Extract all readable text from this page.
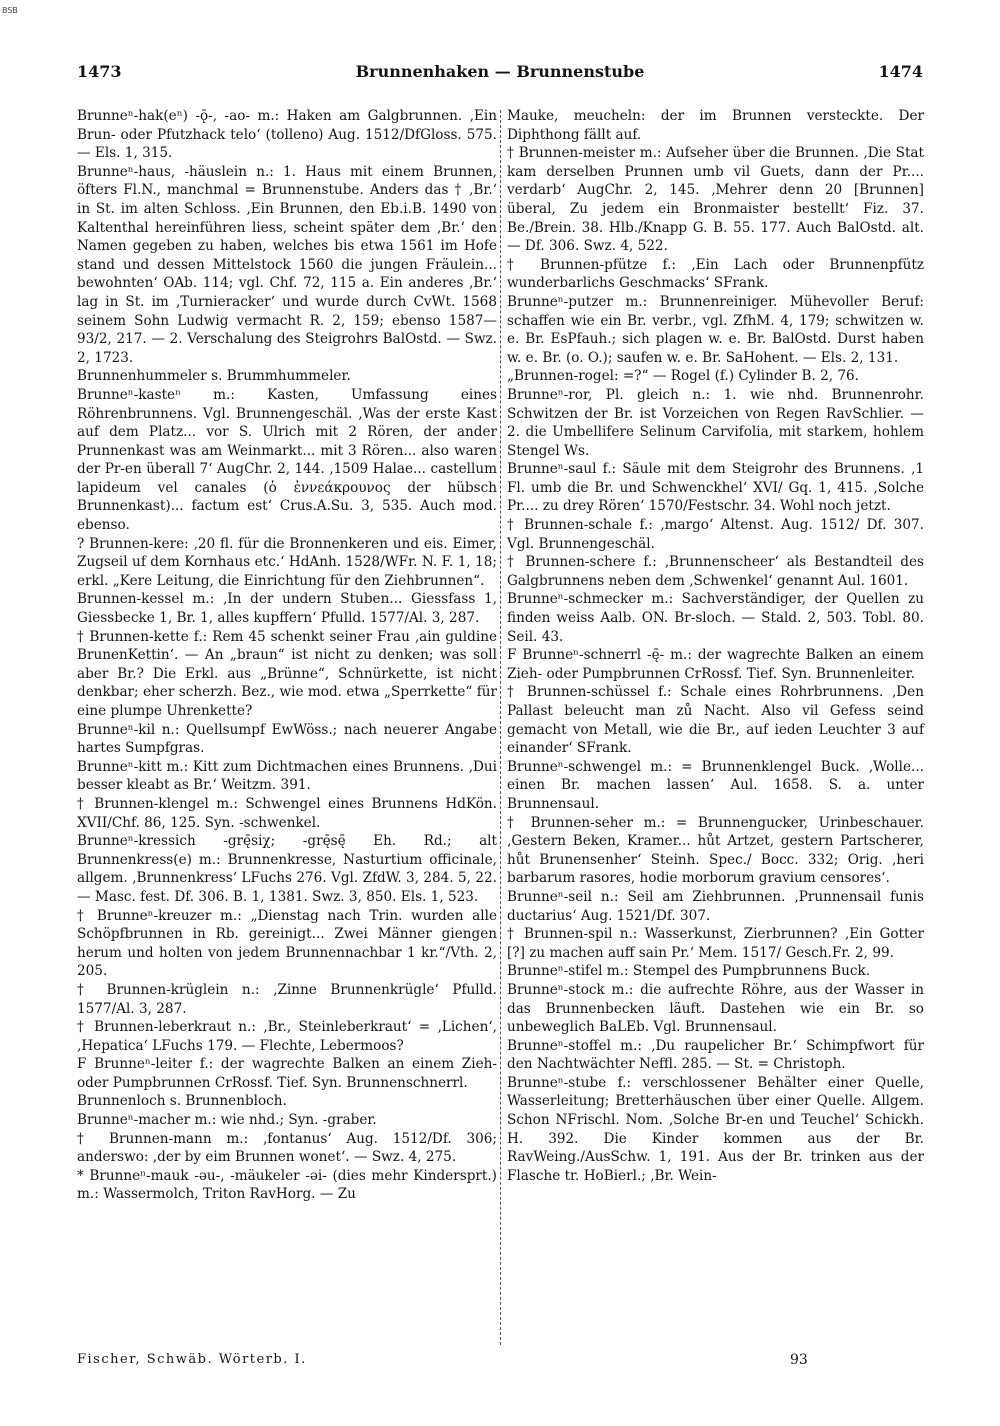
BSB
1473	Brunnenhaken — Brunnenstube	1474

Brunneⁿ-hak(eⁿ) -ǭ-, -ao- m.: Haken am Galgbrunnen. ‚Ein Brun- oder Pfutzhack telo‘ (tolleno) Aug. 1512/DfGloss. 575. — Els. 1, 315.

Brunneⁿ-haus, -häuslein n.: 1. Haus mit einem Brunnen, öfters Fl.N., manchmal = Brunnenstube. Anders das † ‚Br.‘ in St. im alten Schloss. ‚Ein Brunnen, den Eb.i.B. 1490 von Kaltenthal hereinführen liess, scheint später dem ‚Br.‘ den Namen gegeben zu haben, welches bis etwa 1561 im Hofe stand und dessen Mittelstock 1560 die jungen Fräulein... bewohnten‘ OAb. 114; vgl. Chf. 72, 115 a. Ein anderes ‚Br.‘ lag in St. im ‚Turnieracker‘ und wurde durch CvWt. 1568 seinem Sohn Ludwig vermacht R. 2, 159; ebenso 1587—93/2, 217. — 2. Verschalung des Steigrohrs BalOstd. — Swz. 2, 1723.

Brunnenhummeler s. Brummhummeler.

Brunneⁿ-kasteⁿ m.: Kasten, Umfassung eines Röhrenbrunnens. Vgl. Brunnengeschäl. ‚Was der erste Kast auf dem Platz... vor S. Ulrich mit 2 Rören, der ander Prunnenkast was am Weinmarkt... mit 3 Rören... also waren der Pr-en überall 7‘ AugChr. 2, 144. ‚1509 Halae... castellum lapideum vel canales (ὁ ἐννεάκρουνος der hübsch Brunnenkast)... factum est‘ Crus.A.Su. 3, 535. Auch mod. ebenso.

? Brunnen-kere: ‚20 fl. für die Bronnenkeren und eis. Eimer, Zugseil uf dem Kornhaus etc.‘ HdAnh. 1528/WFr. N. F. 1, 18; erkl. „Kere Leitung, die Einrichtung für den Ziehbrunnen“.

Brunnen-kessel m.: ‚In der undern Stuben... Giessfass 1, Giessbecke 1, Br. 1, alles kupffern‘ Pfulld. 1577/Al. 3, 287.

† Brunnen-kette f.: Rem 45 schenkt seiner Frau ‚ain guldine BrunenKettin‘. — An „braun“ ist nicht zu denken; was soll aber Br.? Die Erkl. aus „Brünne“, Schnürkette, ist nicht denkbar; eher scherzh. Bez., wie mod. etwa „Sperrkette“ für eine plumpe Uhrenkette?

Brunneⁿ-kil n.: Quellsumpf EwWöss.; nach neuerer Angabe hartes Sumpfgras.

Brunneⁿ-kitt m.: Kitt zum Dichtmachen eines Brunnens. ‚Dui besser kleabt as Br.‘ Weitzm. 391.

† Brunnen-klengel m.: Schwengel eines Brunnens HdKön. XVII/Chf. 86, 125. Syn. -schwenkel.

Brunneⁿ-kressich -grę̄siχ; -grę̄sę̄ Eh. Rd.; alt Brunnenkress(e) m.: Brunnenkresse, Nasturtium officinale, allgem. ‚Brunnenkress‘ LFuchs 276. Vgl. ZfdW. 3, 284. 5, 22. — Masc. fest. Df. 306. B. 1, 1381. Swz. 3, 850. Els. 1, 523.

† Brunneⁿ-kreuzer m.: „Dienstag nach Trin. wurden alle Schöpfbrunnen in Rb. gereinigt... Zwei Männer giengen herum und holten von jedem Brunnennachbar 1 kr.“/Vth. 2, 205.

† Brunnen-krüglein n.: ‚Zinne Brunnenkrügle‘ Pfulld. 1577/Al. 3, 287.

† Brunnen-leberkraut n.: ‚Br., Steinleberkraut‘ = ‚Lichen‘, ‚Hepatica‘ LFuchs 179. — Flechte, Lebermoos?

F Brunneⁿ-leiter f.: der wagrechte Balken an einem Zieh- oder Pumpbrunnen CrRossf. Tief. Syn. Brunnenschnerrl.

Brunnenloch s. Brunnenbloch.

Brunneⁿ-macher m.: wie nhd.; Syn. -graber.

† Brunnen-mann m.: ‚fontanus‘ Aug. 1512/Df. 306; anderswo: ‚der by eim Brunnen wonet‘. — Swz. 4, 275.

* Brunneⁿ-mauk -əu-, -mäukeler -əi- (dies mehr Kindersprt.) m.: Wassermolch, Triton RavHorg. — Zu

Mauke, meucheln: der im Brunnen versteckte. Der Diphthong fällt auf.

† Brunnen-meister m.: Aufseher über die Brunnen. ‚Die Stat kam derselben Prunnen umb vil Guets, dann der Pr.... verdarb‘ AugChr. 2, 145. ‚Mehrer denn 20 [Brunnen] überal, Zu jedem ein Bronmaister bestellt‘ Fiz. 37. Be./Brein. 38. Hlb./Knapp G. B. 55. 177. Auch BalOstd. alt. — Df. 306. Swz. 4, 522.

† Brunnen-pfütze f.: ‚Ein Lach oder Brunnenpfütz wunderbarlichs Geschmacks‘ SFrank.

Brunneⁿ-putzer m.: Brunnenreiniger. Mühevoller Beruf: schaffen wie ein Br. verbr., vgl. ZfhM. 4, 179; schwitzen w. e. Br. EsPfauh.; sich plagen w. e. Br. BalOstd. Durst haben w. e. Br. (o. O.); saufen w. e. Br. SaHohent. — Els. 2, 131.

„Brunnen-rogel: =?“ — Rogel (f.) Cylinder B. 2, 76.

Brunneⁿ-ror, Pl. gleich n.: 1. wie nhd. Brunnenrohr. Schwitzen der Br. ist Vorzeichen von Regen RavSchlier. — 2. die Umbellifere Selinum Carvifolia, mit starkem, hohlem Stengel Ws.

Brunneⁿ-saul f.: Säule mit dem Steigrohr des Brunnens. ‚1 Fl. umb die Br. und Schwenckhel‘ XVI/ Gq. 1, 415. ‚Solche Pr.... zu drey Rören‘ 1570/Festschr. 34. Wohl noch jetzt.

† Brunnen-schale f.: ‚margo‘ Altenst. Aug. 1512/ Df. 307. Vgl. Brunnengeschäl.

† Brunnen-schere f.: ‚Brunnenscheer‘ als Bestandteil des Galgbrunnens neben dem ‚Schwenkel‘ genannt Aul. 1601.

Brunneⁿ-schmecker m.: Sachverständiger, der Quellen zu finden weiss Aalb. ON. Br-sloch. — Stald. 2, 503. Tobl. 80. Seil. 43.

F Brunneⁿ-schnerrl -ę̄- m.: der wagrechte Balken an einem Zieh- oder Pumpbrunnen CrRossf. Tief. Syn. Brunnenleiter.

† Brunnen-schüssel f.: Schale eines Rohrbrunnens. ‚Den Pallast beleucht man zů Nacht. Also vil Gefess seind gemacht von Metall, wie die Br., auf ieden Leuchter 3 auf einander‘ SFrank.

Brunneⁿ-schwengel m.: = Brunnenklengel Buck. ‚Wolle... einen Br. machen lassen‘ Aul. 1658. S. a. unter Brunnensaul.

† Brunnen-seher m.: = Brunnengucker, Urinbeschauer. ‚Gestern Beken, Kramer... hůt Artzet, gestern Partscherer, hůt Brunensenher‘ Steinh. Spec./ Bocc. 332; Orig. ‚heri barbarum rasores, hodie morborum gravium censores‘.

Brunneⁿ-seil n.: Seil am Ziehbrunnen. ‚Prunnensail funis ductarius‘ Aug. 1521/Df. 307.

† Brunnen-spil n.: Wasserkunst, Zierbrunnen? ‚Ein Gotter [?] zu machen auff sain Pr.‘ Mem. 1517/ Gesch.Fr. 2, 99.

Brunneⁿ-stifel m.: Stempel des Pumpbrunnens Buck.

Brunneⁿ-stock m.: die aufrechte Röhre, aus der Wasser in das Brunnenbecken läuft. Dastehen wie ein Br. so unbeweglich BaLEb. Vgl. Brunnensaul.

Brunneⁿ-stoffel m.: ‚Du raupelicher Br.‘ Schimpfwort für den Nachtwächter Neffl. 285. — St. = Christoph.

Brunneⁿ-stube f.: verschlossener Behälter einer Quelle, Wasserleitung; Bretterhäuschen über einer Quelle. Allgem. Schon NFrischl. Nom. ‚Solche Br-en und Teuchel‘ Schickh. H. 392. Die Kinder kommen aus der Br. RavWeing./AusSchw. 1, 191. Aus der Br. trinken aus der Flasche tr. HoBierl.; ‚Br. Wein-

Fischer, Schwäb. Wörterb. I.	93
